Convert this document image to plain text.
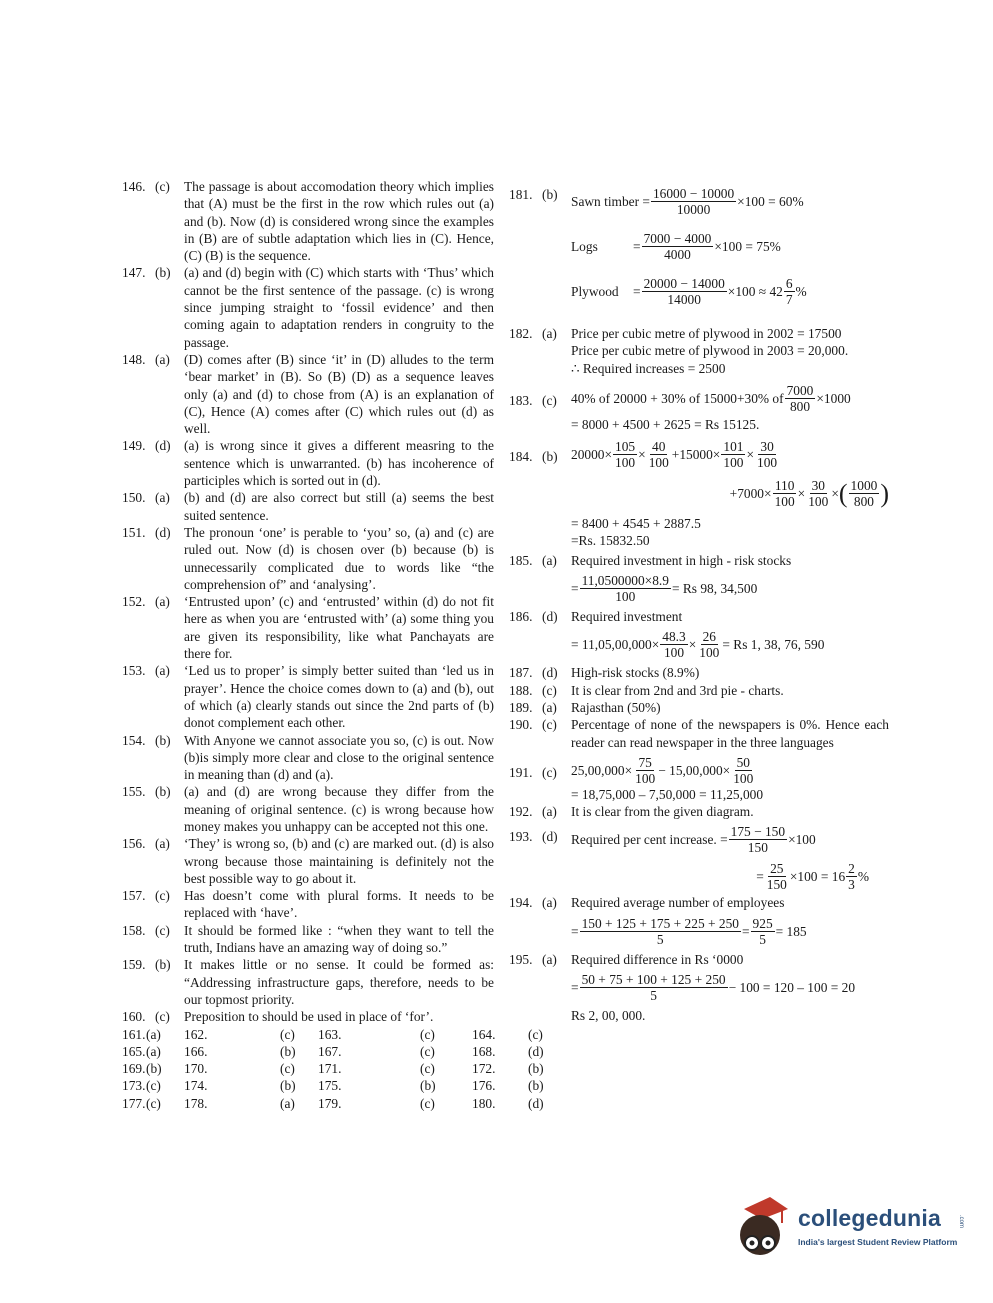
146. (c)	The passage is about accomodation theory which implies that (A) must be the first in the row which rules out (a) and (b). Now (d) is considered wrong since the examples in (B) are of subtle adaptation which lies in (C). Hence, (C) (B) is the sequence.
147. (b) (a) and (d) begin with (C) which starts with ‘Thus’ which cannot be the first sentence of the passage. (c) is wrong since jumping straight to ‘fossil evidence’ and then coming again to adaptation renders in congruity to the passage.
148. (a)	(D) comes after (B) since ‘it’ in (D) alludes to the term ‘bear market’ in (B). So (B) (D) as a sequence leaves only (a) and (d) to chose from (A) is an explanation of (C), Hence (A) comes after (C) which rules out (d) as well.
149. (d) (a) is wrong since it gives a different measring to the sentence which is unwarranted. (b) has incoherence of participles which is sorted out in (d).
150. (a)	(b) and (d) are also correct but still (a) seems the best suited sentence.
151. (d) The pronoun ‘one’ is perable to ‘you’ so, (a) and (c) are ruled out. Now (d) is chosen over (b) because (b) is unnecessarily complicated due to words like “the comprehension of” and ‘analysing’.
152. (a)	‘Entrusted upon’ (c) and ‘entrusted’ within (d) do not fit here as when you are ‘entrusted with’ (a) some thing you are given its responsibility, like what Panchayats are there for.
153. (a)	‘Led us to proper’ is simply better suited than ‘led us in prayer’. Hence the choice comes down to (a) and (b), out of which (a) clearly stands out since the 2nd parts of (b) donot complement each other.
154. (b) With Anyone we cannot associate you so, (c) is out. Now (b)is simply more clear and close to the original sentence in meaning than (d) and (a).
155. (b) (a) and (d) are wrong because they differ from the meaning of original sentence. (c) is wrong because how money makes you unhappy can be accepted not this one.
156. (a)	‘They’ is wrong so, (b) and (c) are marked out. (d) is also wrong because those maintaining is definitely not the best possible way to go about it.
157. (c)	Has doesn’t come with plural forms. It needs to be replaced with ‘have’.
158. (c)	It should be formed like : “when they want to tell the truth, Indians have an amazing way of doing so.”
159. (b) It makes little or no sense. It could be formed as: “Addressing infrastructure gaps, therefore, needs to be our topmost priority.
160. (c)	Preposition to should be used in place of ‘for’.
161. (a)	162.	(c)	163.	(c)	164.	(c)
165. (a)	166.	(b)	167.	(c)	168.	(d)
169. (b)	170.	(c)	171.	(c)	172.	(b)
173. (c)	174.	(b)	175.	(b)	176.	(b)
177. (c)	178.	(a)	179.	(c)	180.	(d)
181. (b) Sawn timber = $\frac{16000 - 10000}{10000} \times 100 = 60\%$
Logs	= $\frac{7000 - 4000}{4000} \times 100 = 75\%$
Plywood	= $\frac{20000 - 14000}{14000} \times 100 \approx 42 \frac{6}{7}$ %
182. (a)	Price per cubic metre of plywood in 2002 = 17500
Price per cubic metre of plywood in 2003 = 20,000.
∴ Required increases = 2500
183. (c)	40% of 20000 + 30% of 15000+30% of $\frac{7000}{800} \times 1000$
= 8000 + 4500 + 2625 = Rs 15125.
184. (b) $20000\times \frac{105}{100} \times \frac{40}{100} +15000\times \frac{101}{100} \times \frac{30}{100}$
$+7000\times \frac{110}{100} \times \frac{30}{100}$ × ( $\frac{1000}{800}$ )
= 8400 + 4545 + 2887.5
=Rs. 15832.50
185. (a)	Required investment in high - risk stocks
= $\frac{11,0500000\times 8.9}{100} = Rs$ 98, 34,500
186. (d) Required investment
= $11,05,00,000\times \frac{48.3}{100} \times \frac{26}{100} = Rs$ 1, 38, 76, 590
187. (d) High-risk stocks (8.9%)
188. (c)	It is clear from 2nd and 3rd pie - charts.
189. (a)	Rajasthan (50%)
190. (c)	Percentage of none of the newspapers is 0%. Hence each reader can read newspaper in the three languages
191. (c)	$25,00,000\times \frac{75}{100} - 15,00,000\times \frac{50}{100}$
= 18,75,000 – 7,50,000 = 11,25,000
192. (a)	It is clear from the given diagram.
193. (d) Required per cent increase. = $\frac{175 - 150}{150} \times 100$
= $\frac{25}{150} \times 100 = 16 \frac{2}{3}$ %
194. (a)	Required average number of employees
= $\frac{150 + 125 + 175 + 225 + 250}{5} = \frac{925}{5} = 185$
195. (a)	Required difference in Rs ‘0000
= $\frac{50 + 75 + 100 + 125 + 250}{5} - 100 = 120 - 100 = 20$
Rs 2, 00, 000.
collegedunia	.com
India's largest Student Review Platform
